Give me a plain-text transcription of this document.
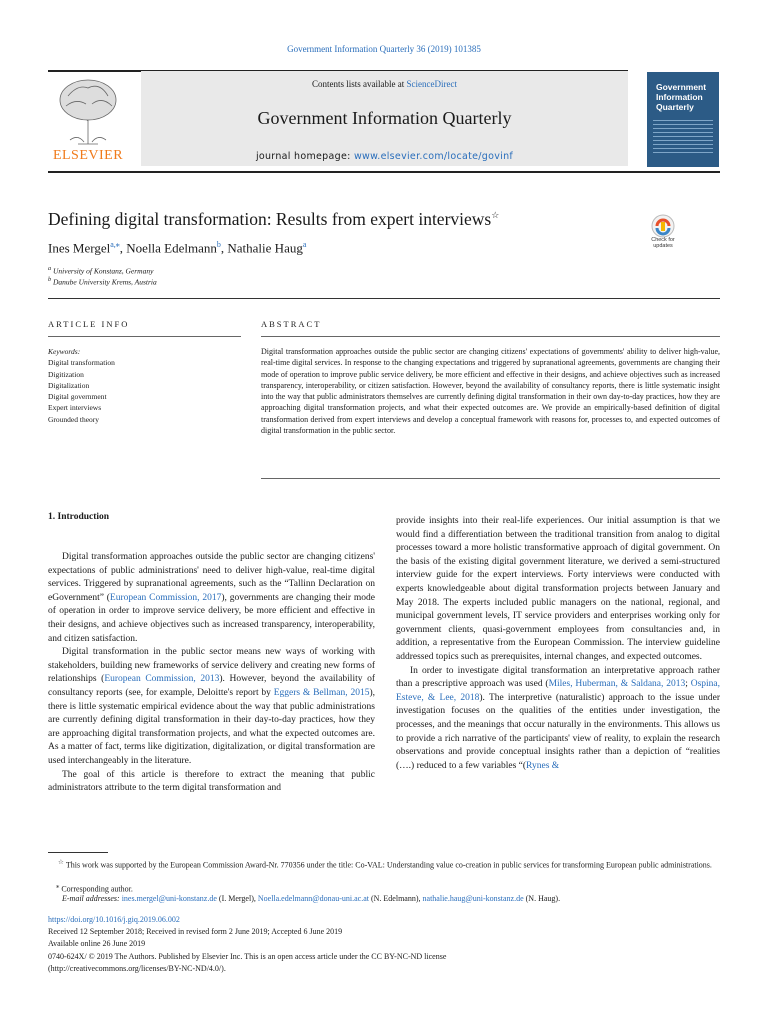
Government Information Quarterly 36 (2019) 101385
Contents lists available at ScienceDirect
Government Information Quarterly
journal homepage: www.elsevier.com/locate/govinf
ELSEVIER
Government Information Quarterly
Defining digital transformation: Results from expert interviews☆
Check for updates
Ines Mergel$^{a,⁎}$, Noella Edelmann$^b$, Nathalie Haug$^a$
$^a$ University of Konstanz, Germany
$^b$ Danube University Krems, Austria
ARTICLE INFO	ABSTRACT
Keywords:
Digital transformation
Digitization
Digitalization
Digital government
Expert interviews
Grounded theory
Digital transformation approaches outside the public sector are changing citizens' expectations of governments' ability to deliver high-value, real-time digital services. In response to the changing expectations and triggered by supranational agreements, governments are changing their mode of operation to improve public service delivery, be more efficient and effective in their designs, and achieve objectives such as increased transparency, interoperability, or citizen satisfaction. However, beyond the availability of consultancy reports, there is little systematic insight into the way that public administrators themselves are currently defining digital transformation in their own day-to-day practices, how they are approaching digital transformation projects, and what their expected outcomes are. We provide an empirically-based definition of digital transformation derived from expert interviews and develop a conceptual framework with reasons for, processes to, and expected outcomes of digital transformation in the public sector.
1. Introduction

Digital transformation approaches outside the public sector are changing citizens' expectations of public administrations' need to deliver high-value, real-time digital services. Triggered by supranational agreements, such as the “Tallinn Declaration on eGovernment” (European Commission, 2017), governments are changing their mode of operation in order to improve service delivery, be more efficient and effective in their designs, and achieve objectives such as increased transparency, interoperability, and citizen satisfaction.

Digital transformation in the public sector means new ways of working with stakeholders, building new frameworks of service delivery and creating new forms of relationships (European Commission, 2013). However, beyond the availability of consultancy reports (see, for example, Deloitte's report by Eggers & Bellman, 2015), there is little systematic empirical evidence about the way that public administrations are currently defining digital transformation in their day-to-day practices, how they are approaching digital transformation projects, and what the expected outcomes are. As a matter of fact, terms like digitization, digitalization, or digital transformation are used interchangeably in the literature.

The goal of this article is therefore to extract the meaning that public administrators attribute to the term digital transformation and

provide insights into their real-life experiences. Our initial assumption is that we would find a differentiation between the traditional transition from analog to digital processes toward a more holistic transformative approach of digital government. On the basis of the existing digital government literature, we derived a semi-structured interview guide for the expert interviews. Forty interviews were conducted with experts knowledgeable about digital transformation projects between January and May 2018. The experts included public managers on the national, regional, and municipal government levels, IT service providers and enterprises working only for government clients, quasi-government employees from consultancies and, in addition, a representative from the European Commission. The interview guideline addressed topics such as prerequisites, internal changes, and expected outcomes.

In order to investigate digital transformation an interpretative approach rather than a prescriptive approach was used (Miles, Huberman, & Saldana, 2013; Ospina, Esteve, & Lee, 2018). The interpretive (naturalistic) approach to the issue under investigation focuses on the qualities of the entities under investigation, the processes, and the meanings that occur naturally in the environments. This allows us to provide a rich narrative of the participants' view of reality, to explain the research observations and provide conceptual insights rather than a depiction of “realities (….) reduced to a few variables “(Rynes &

☆ This work was supported by the European Commission Award-Nr. 770356 under the title: Co-VAL: Understanding value co-creation in public services for transforming European public administrations.
⁎ Corresponding author.
E-mail addresses: ines.mergel@uni-konstanz.de (I. Mergel), Noella.edelmann@donau-uni.ac.at (N. Edelmann), nathalie.haug@uni-konstanz.de (N. Haug).
https://doi.org/10.1016/j.giq.2019.06.002
Received 12 September 2018; Received in revised form 2 June 2019; Accepted 6 June 2019
Available online 26 June 2019
0740-624X/ © 2019 The Authors. Published by Elsevier Inc. This is an open access article under the CC BY-NC-ND license
(http://creativecommons.org/licenses/BY-NC-ND/4.0/).
